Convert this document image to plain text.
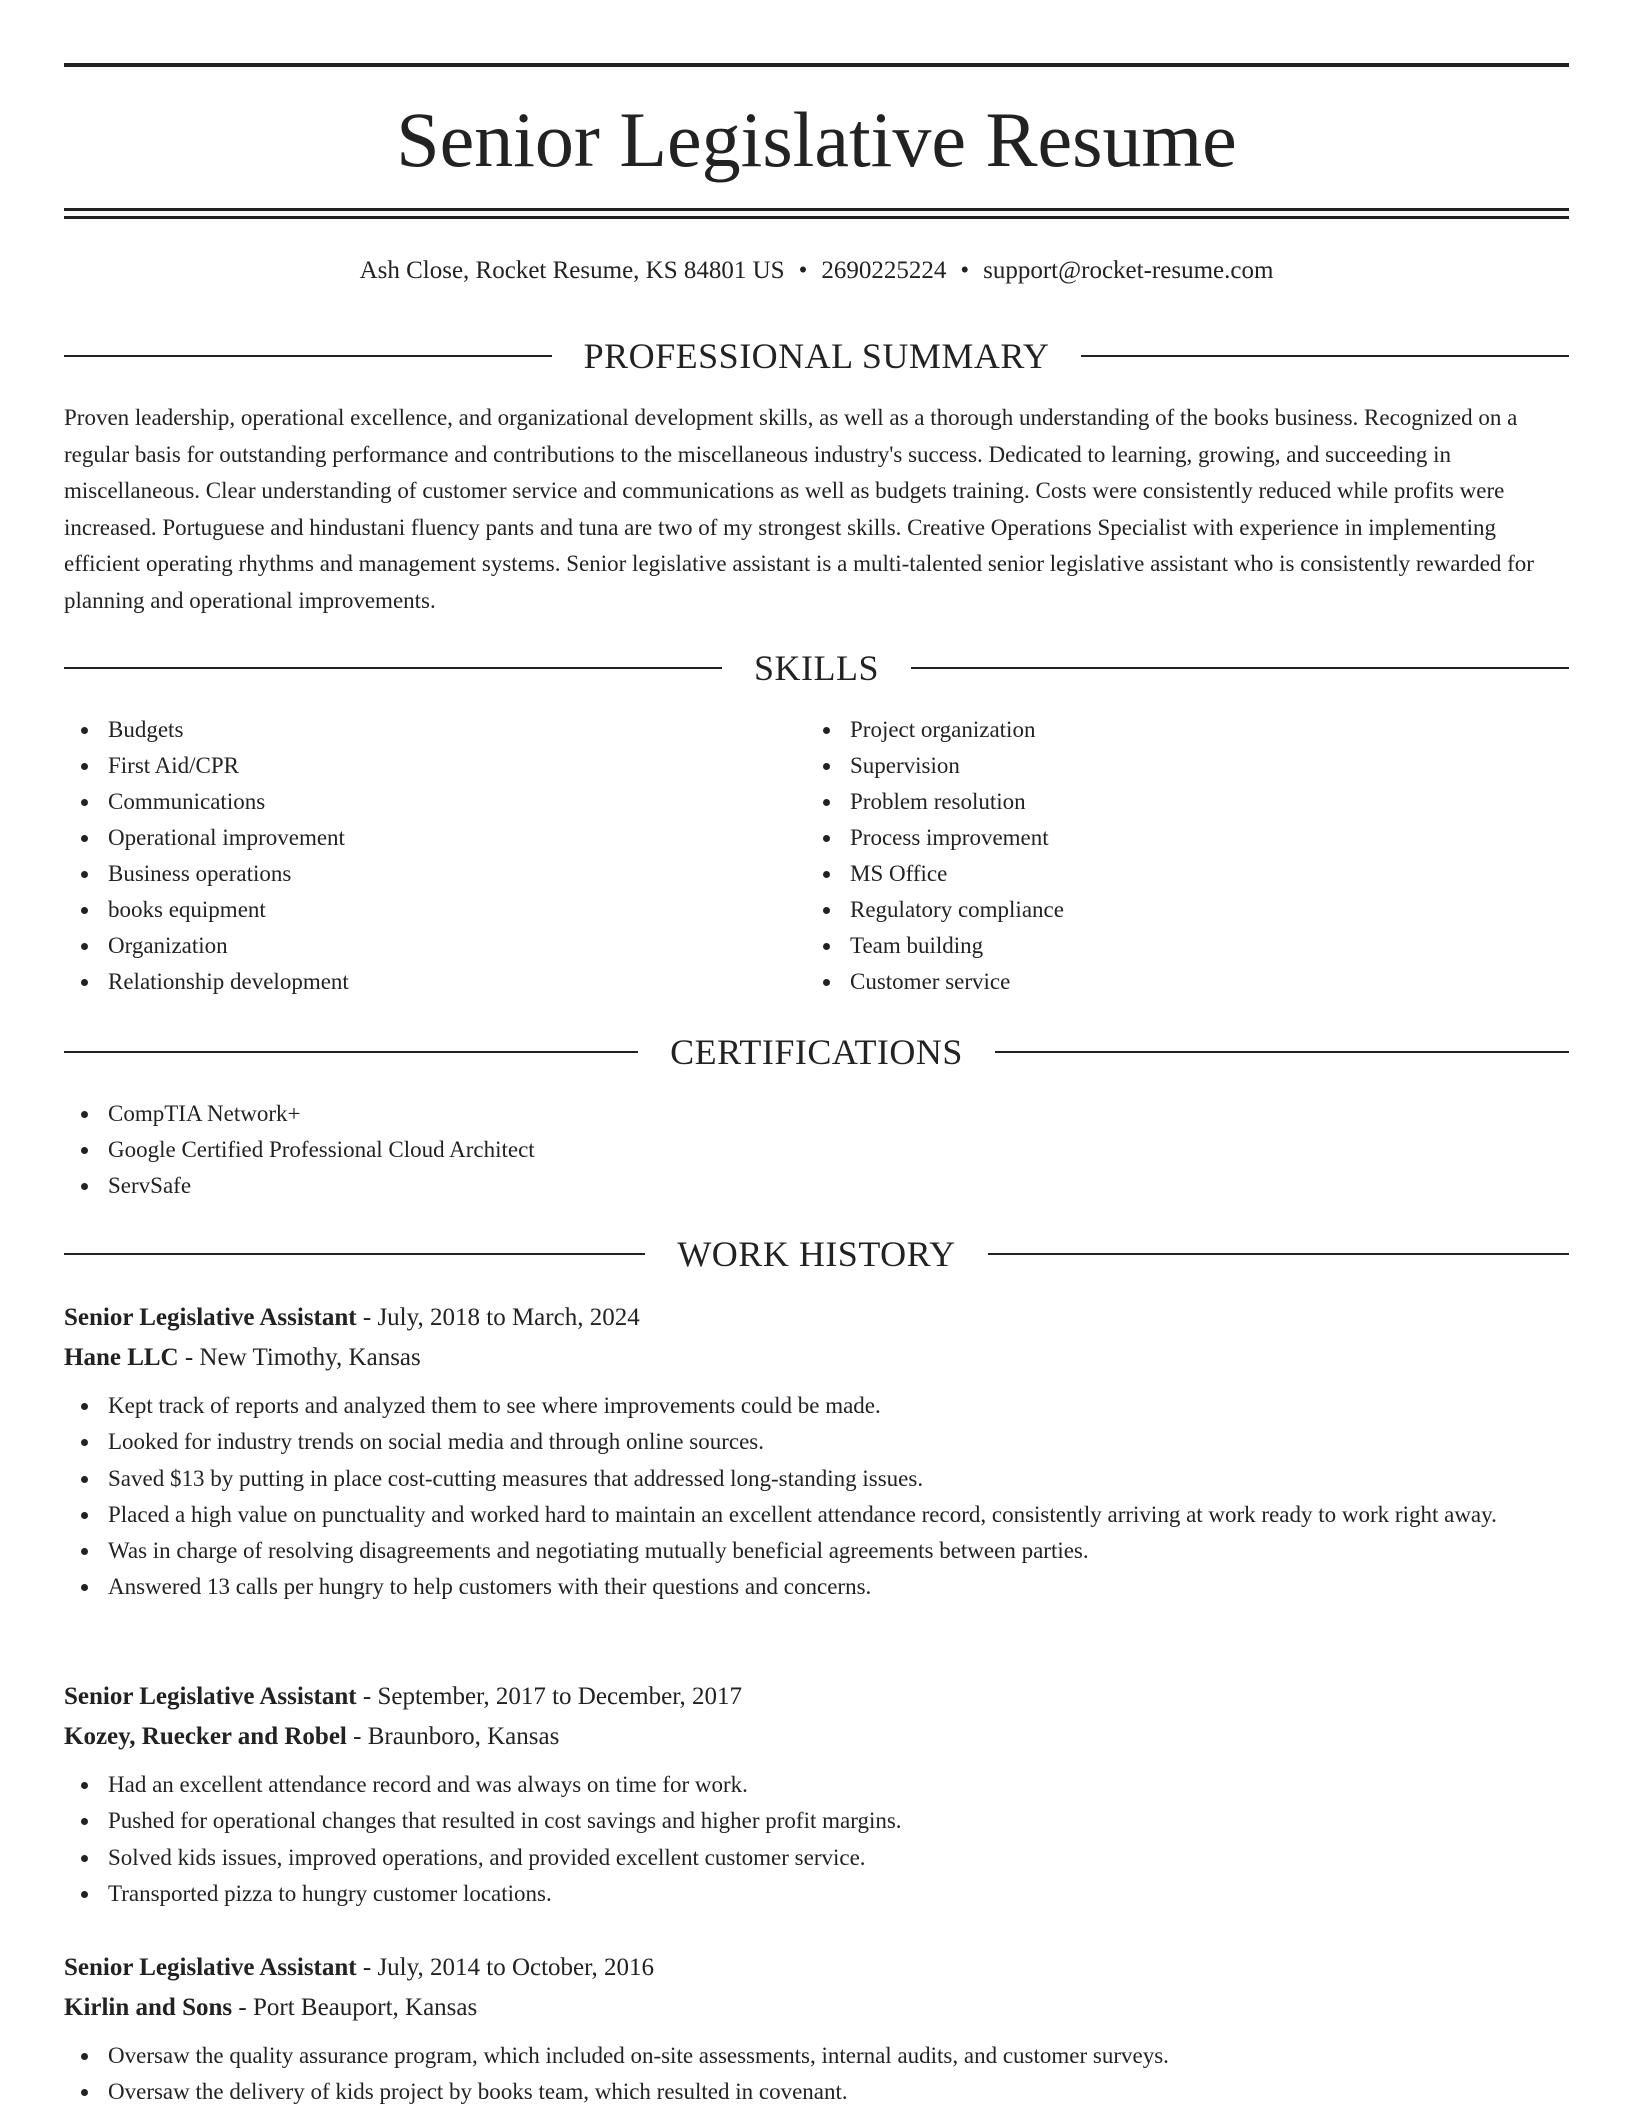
Senior Legislative Resume
Ash Close, Rocket Resume, KS 84801 US • 2690225224 • support@rocket-resume.com
PROFESSIONAL SUMMARY
Proven leadership, operational excellence, and organizational development skills, as well as a thorough understanding of the books business. Recognized on a regular basis for outstanding performance and contributions to the miscellaneous industry's success. Dedicated to learning, growing, and succeeding in miscellaneous. Clear understanding of customer service and communications as well as budgets training. Costs were consistently reduced while profits were increased. Portuguese and hindustani fluency pants and tuna are two of my strongest skills. Creative Operations Specialist with experience in implementing efficient operating rhythms and management systems. Senior legislative assistant is a multi-talented senior legislative assistant who is consistently rewarded for planning and operational improvements.
SKILLS
Budgets
First Aid/CPR
Communications
Operational improvement
Business operations
books equipment
Organization
Relationship development
Project organization
Supervision
Problem resolution
Process improvement
MS Office
Regulatory compliance
Team building
Customer service
CERTIFICATIONS
CompTIA Network+
Google Certified Professional Cloud Architect
ServSafe
WORK HISTORY
Senior Legislative Assistant - July, 2018 to March, 2024
Hane LLC - New Timothy, Kansas
Kept track of reports and analyzed them to see where improvements could be made.
Looked for industry trends on social media and through online sources.
Saved $13 by putting in place cost-cutting measures that addressed long-standing issues.
Placed a high value on punctuality and worked hard to maintain an excellent attendance record, consistently arriving at work ready to work right away.
Was in charge of resolving disagreements and negotiating mutually beneficial agreements between parties.
Answered 13 calls per hungry to help customers with their questions and concerns.
Senior Legislative Assistant - September, 2017 to December, 2017
Kozey, Ruecker and Robel - Braunboro, Kansas
Had an excellent attendance record and was always on time for work.
Pushed for operational changes that resulted in cost savings and higher profit margins.
Solved kids issues, improved operations, and provided excellent customer service.
Transported pizza to hungry customer locations.
Senior Legislative Assistant - July, 2014 to October, 2016
Kirlin and Sons - Port Beauport, Kansas
Oversaw the quality assurance program, which included on-site assessments, internal audits, and customer surveys.
Oversaw the delivery of kids project by books team, which resulted in covenant.
